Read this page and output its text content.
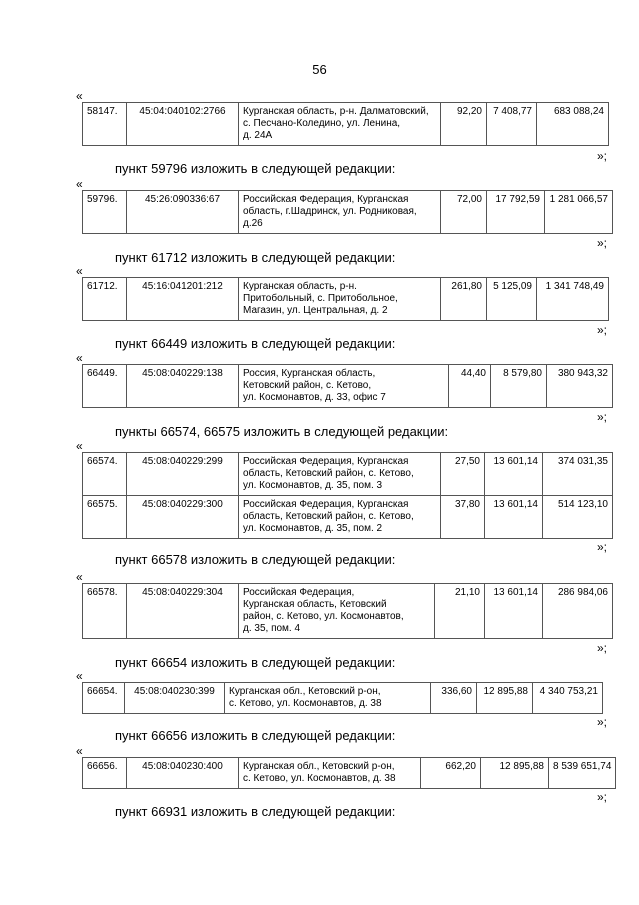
56
«
58147.	45:04:040102:2766	Курганская область, р-н. Далматовский,
с. Песчано-Коледино, ул. Ленина,
д. 24А	92,20	7 408,77	683 088,24
»;
пункт 59796 изложить в следующей редакции:
«
59796.	45:26:090336:67	Российская Федерация, Курганская
область, г.Шадринск, ул. Родниковая,
д.26	72,00	17 792,59	1 281 066,57
»;
пункт 61712 изложить в следующей редакции:
«
61712.	45:16:041201:212	Курганская область, р-н.
Притобольный, с. Притобольное,
Магазин, ул. Центральная, д. 2	261,80	5 125,09	1 341 748,49
»;
пункт 66449 изложить в следующей редакции:
«
66449.	45:08:040229:138	Россия, Курганская область,
Кетовский район, с. Кетово,
ул. Космонавтов, д. 33, офис 7	44,40	8 579,80	380 943,32
»;
пункты 66574, 66575 изложить в следующей редакции:
«
66574.	45:08:040229:299	Российская Федерация, Курганская
область, Кетовский район, с. Кетово,
ул. Космонавтов, д. 35, пом. 3	27,50	13 601,14	374 031,35
66575.	45:08:040229:300	Российская Федерация, Курганская
область, Кетовский район, с. Кетово,
ул. Космонавтов, д. 35, пом. 2	37,80	13 601,14	514 123,10
»;
пункт 66578 изложить в следующей редакции:
«
66578.	45:08:040229:304	Российская Федерация,
Курганская область, Кетовский
район, с. Кетово, ул. Космонавтов,
д. 35, пом. 4	21,10	13 601,14	286 984,06
»;
пункт 66654 изложить в следующей редакции:
«
66654.	45:08:040230:399	Курганская обл., Кетовский р-он,
с. Кетово, ул. Космонавтов, д. 38	336,60	12 895,88	4 340 753,21
»;
пункт 66656 изложить в следующей редакции:
«
66656.	45:08:040230:400	Курганская обл., Кетовский р-он,
с. Кетово, ул. Космонавтов, д. 38	662,20	12 895,88	8 539 651,74
»;
пункт 66931 изложить в следующей редакции:
